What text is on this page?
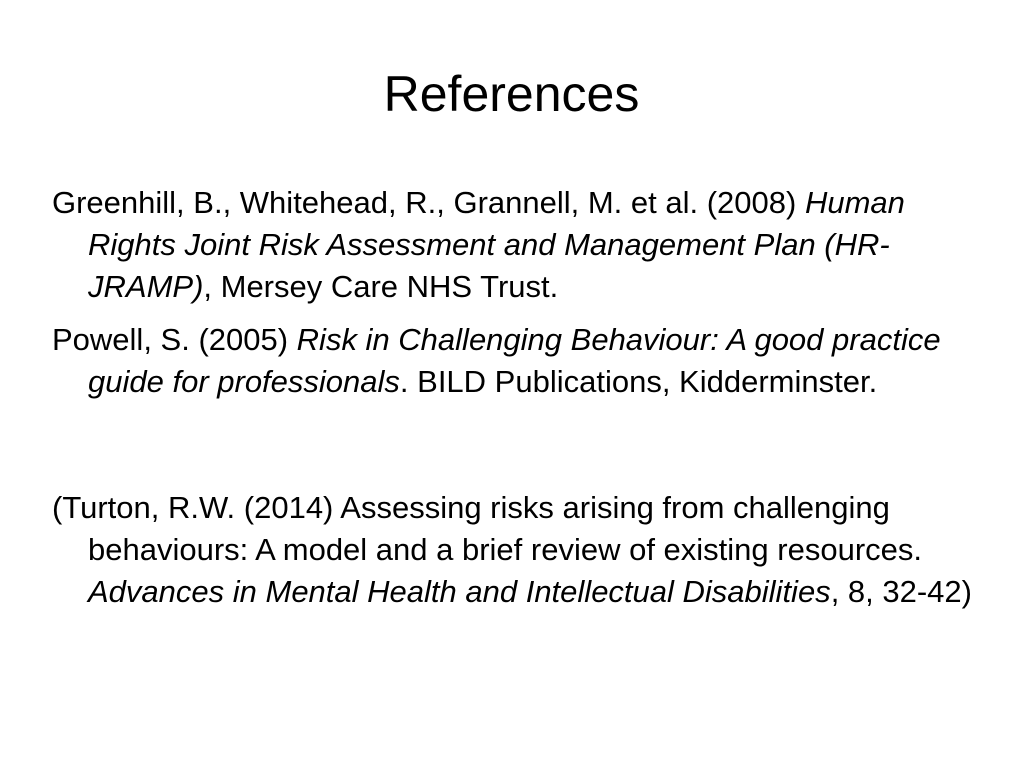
References

Greenhill, B., Whitehead, R., Grannell, M. et al. (2008) Human Rights Joint Risk Assessment and Management Plan (HR-JRAMP), Mersey Care NHS Trust.

Powell, S. (2005) Risk in Challenging Behaviour: A good practice guide for professionals. BILD Publications, Kidderminster.

(Turton, R.W. (2014) Assessing risks arising from challenging behaviours: A model and a brief review of existing resources. Advances in Mental Health and Intellectual Disabilities, 8, 32-42)
